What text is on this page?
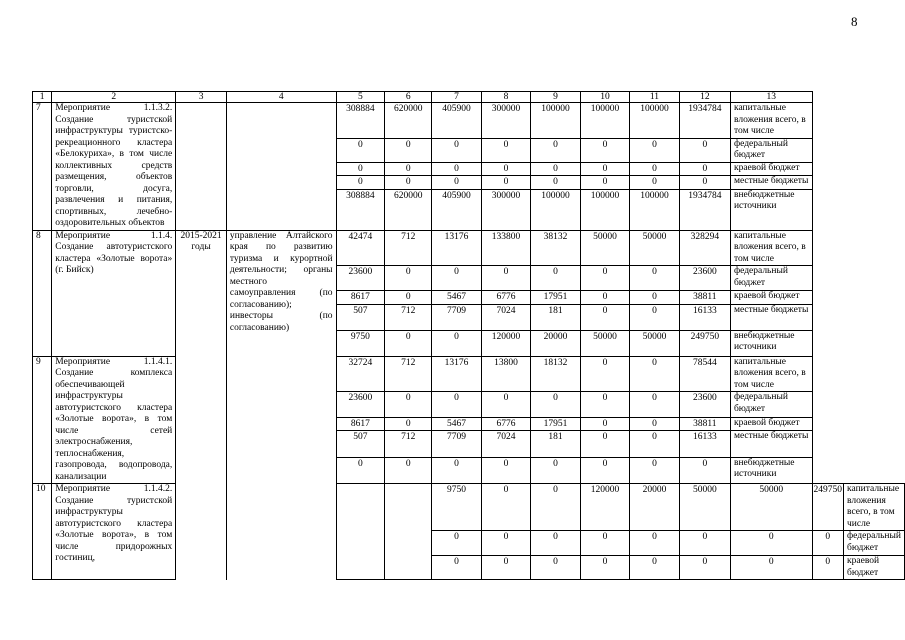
8
1	2	3	4	5	6	7	8	9	10	11	12	13		
7	Мероприятие 1.1.3.2. Создание туристской инфраструктуры туристско-рекреационного кластера «Белокуриха», в том числе коллективных средств размещения, объектов торговли, досуга, развлечения и питания, спортивных, лечебно-оздоровительных объектов			308884	620000	405900	300000	100000	100000	100000	1934784	капитальные вложения всего, в том числе		
				0	0	0	0	0	0	0	0	федеральный бюджет		
				0	0	0	0	0	0	0	0	краевой бюджет		
				0	0	0	0	0	0	0	0	местные бюджеты		
				308884	620000	405900	300000	100000	100000	100000	1934784	внебюджетные источники		
8	Мероприятие 1.1.4. Создание автотуристского кластера «Золотые ворота» (г. Бийск)	2015-2021 годы	управление Алтайского края по развитию туризма и курортной деятельности; органы местного самоуправления (по согласованию); инвесторы (по согласованию)	42474	712	13176	133800	38132	50000	50000	328294	капитальные вложения всего, в том числе		
				23600	0	0	0	0	0	0	23600	федеральный бюджет		
				8617	0	5467	6776	17951	0	0	38811	краевой бюджет		
				507	712	7709	7024	181	0	0	16133	местные бюджеты		
				9750	0	0	120000	20000	50000	50000	249750	внебюджетные источники		
9	Мероприятие 1.1.4.1. Создание комплекса обеспечивающей инфраструктуры автотуристского кластера «Золотые ворота», в том числе сетей электроснабжения, теплоснабжения, газопровода, водопровода, канализации			32724	712	13176	13800	18132	0	0	78544	капитальные вложения всего, в том числе		
				23600	0	0	0	0	0	0	23600	федеральный бюджет		
				8617	0	5467	6776	17951	0	0	38811	краевой бюджет		
				507	712	7709	7024	181	0	0	16133	местные бюджеты		
				0	0	0	0	0	0	0	0	внебюджетные источники		
10	Мероприятие 1.1.4.2. Создание туристской инфраструктуры автотуристского кластера «Золотые ворота», в том числе придорожных гостиниц,					9750	0	0	120000	20000	50000	50000	249750	капитальные вложения всего, в том числе
						0	0	0	0	0	0	0	0	федеральный бюджет
						0	0	0	0	0	0	0	0	краевой бюджет
